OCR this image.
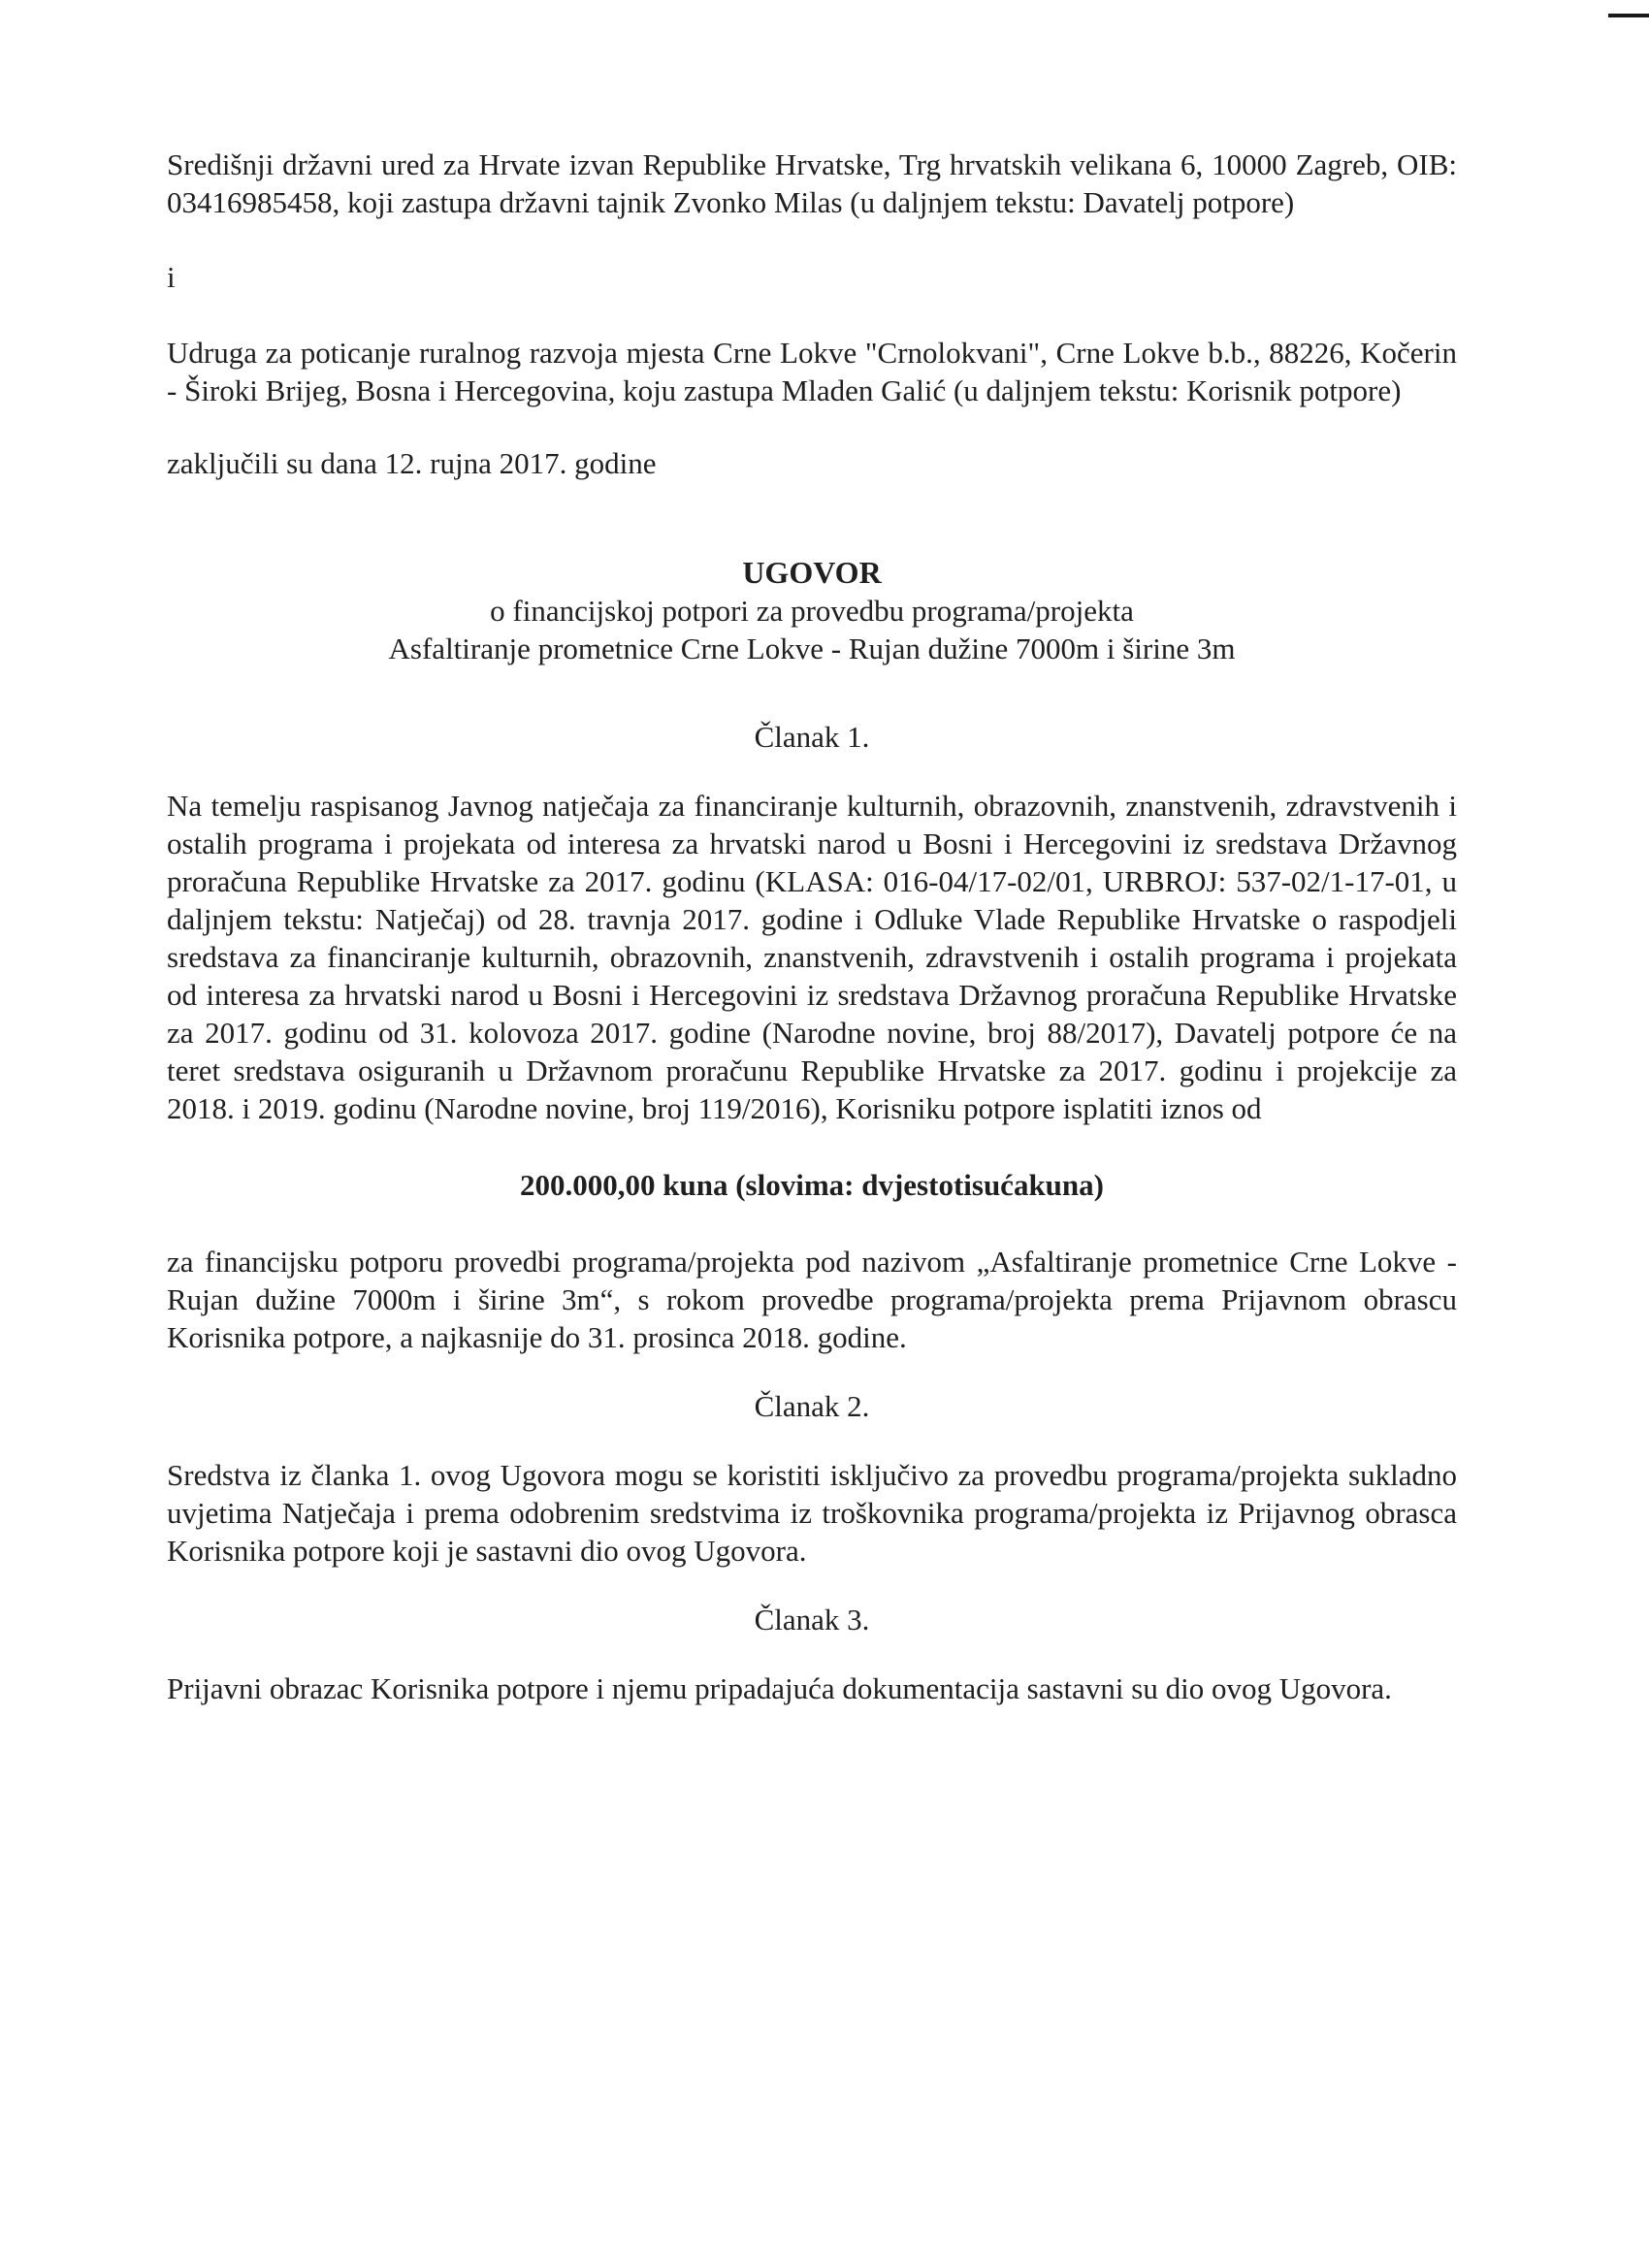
Središnji državni ured za Hrvate izvan Republike Hrvatske, Trg hrvatskih velikana 6, 10000 Zagreb, OIB: 03416985458, koji zastupa državni tajnik Zvonko Milas (u daljnjem tekstu: Davatelj potpore)

i

Udruga za poticanje ruralnog razvoja mjesta Crne Lokve "Crnolokvani", Crne Lokve b.b., 88226, Kočerin - Široki Brijeg, Bosna i Hercegovina, koju zastupa Mladen Galić (u daljnjem tekstu: Korisnik potpore)

zaključili su dana 12. rujna 2017. godine

UGOVOR

o financijskoj potpori za provedbu programa/projekta

Asfaltiranje prometnice Crne Lokve - Rujan dužine 7000m i širine 3m

Članak 1.

Na temelju raspisanog Javnog natječaja za financiranje kulturnih, obrazovnih, znanstvenih, zdravstvenih i ostalih programa i projekata od interesa za hrvatski narod u Bosni i Hercegovini iz sredstava Državnog proračuna Republike Hrvatske za 2017. godinu (KLASA: 016-04/17-02/01, URBROJ: 537-02/1-17-01, u daljnjem tekstu: Natječaj) od 28. travnja 2017. godine i Odluke Vlade Republike Hrvatske o raspodjeli sredstava za financiranje kulturnih, obrazovnih, znanstvenih, zdravstvenih i ostalih programa i projekata od interesa za hrvatski narod u Bosni i Hercegovini iz sredstava Državnog proračuna Republike Hrvatske za 2017. godinu od 31. kolovoza 2017. godine (Narodne novine, broj 88/2017), Davatelj potpore će na teret sredstava osiguranih u Državnom proračunu Republike Hrvatske za 2017. godinu i projekcije za 2018. i 2019. godinu (Narodne novine, broj 119/2016), Korisniku potpore isplatiti iznos od

200.000,00 kuna (slovima: dvjestotisućakuna)

za financijsku potporu provedbi programa/projekta pod nazivom „Asfaltiranje prometnice Crne Lokve - Rujan dužine 7000m i širine 3m“, s rokom provedbe programa/projekta prema Prijavnom obrascu Korisnika potpore, a najkasnije do 31. prosinca 2018. godine.

Članak 2.

Sredstva iz članka 1. ovog Ugovora mogu se koristiti isključivo za provedbu programa/projekta sukladno uvjetima Natječaja i prema odobrenim sredstvima iz troškovnika programa/projekta iz Prijavnog obrasca Korisnika potpore koji je sastavni dio ovog Ugovora.

Članak 3.

Prijavni obrazac Korisnika potpore i njemu pripadajuća dokumentacija sastavni su dio ovog Ugovora.
